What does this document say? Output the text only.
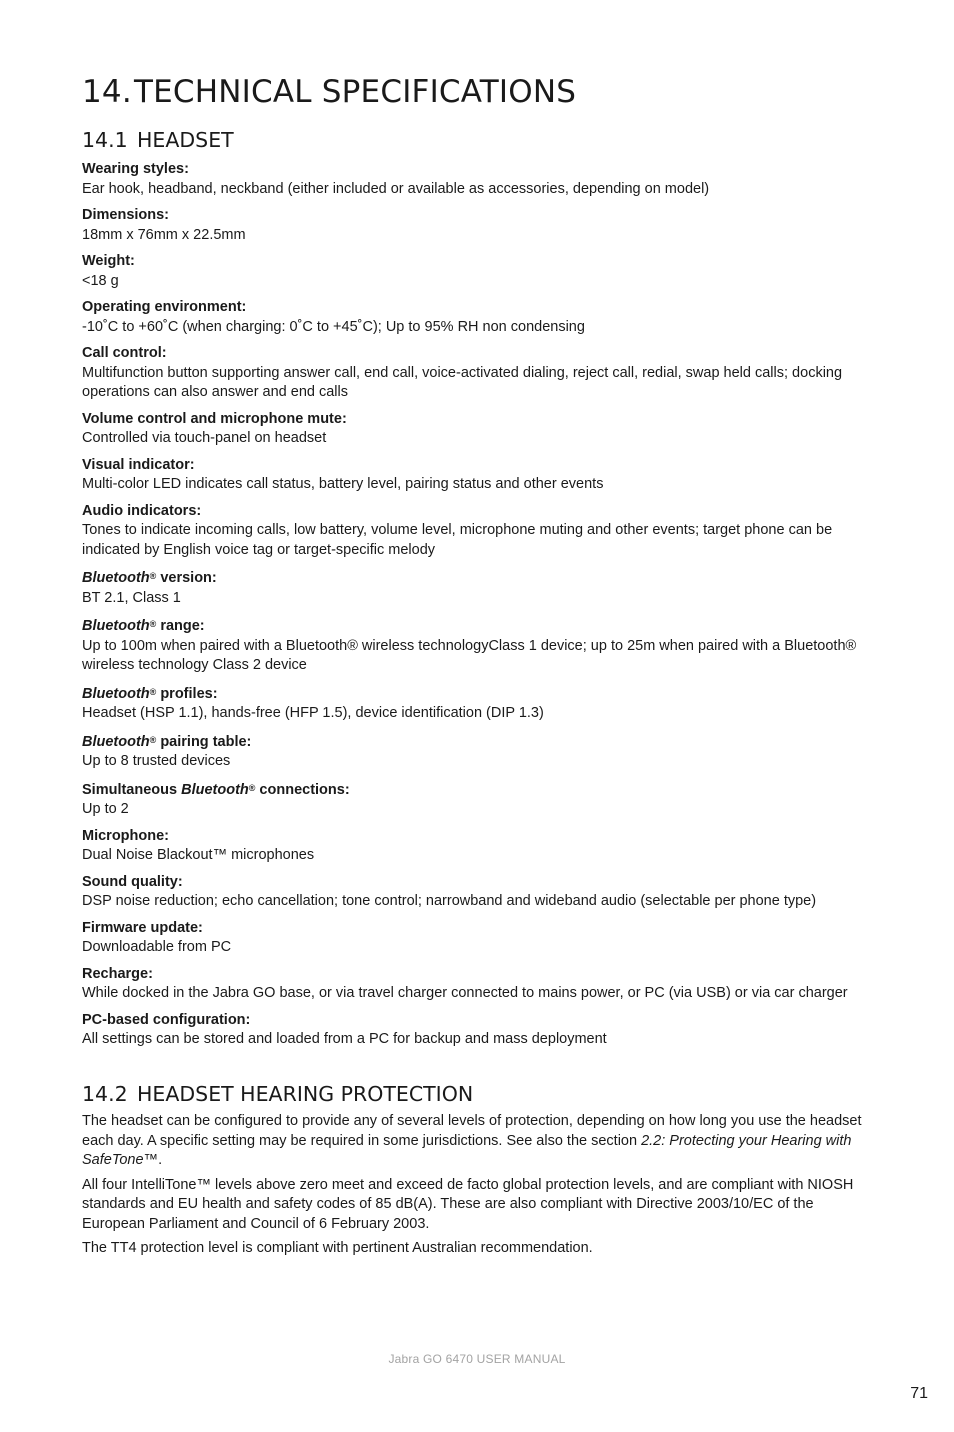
14.TECHNICAL SPECIFICATIONS
14.1 HEADSET
Wearing styles:
Ear hook, headband, neckband (either included or available as accessories, depending on model)
Dimensions:
18mm x 76mm x 22.5mm
Weight:
<18 g
Operating environment:
-10˚C to +60˚C (when charging: 0˚C to +45˚C); Up to 95% RH non condensing
Call control:
Multifunction button supporting answer call, end call, voice-activated dialing, reject call, redial, swap held calls; docking operations can also answer and end calls
Volume control and microphone mute:
Controlled via touch-panel on headset
Visual indicator:
Multi-color LED indicates call status, battery level, pairing status and other events
Audio indicators:
Tones to indicate incoming calls, low battery, volume level, microphone muting and other events; target phone can be indicated by English voice tag or target-specific melody
Bluetooth® version:
BT 2.1, Class 1
Bluetooth® range:
Up to 100m when paired with a Bluetooth® wireless technologyClass 1 device; up to 25m when paired with a Bluetooth® wireless technology Class 2 device
Bluetooth® profiles:
Headset (HSP 1.1), hands-free (HFP 1.5), device identification (DIP 1.3)
Bluetooth® pairing table:
Up to 8 trusted devices
Simultaneous Bluetooth® connections:
Up to 2
Microphone:
Dual Noise Blackout™ microphones
Sound quality:
DSP noise reduction; echo cancellation; tone control; narrowband and wideband audio (selectable per phone type)
Firmware update:
Downloadable from PC
Recharge:
While docked in the Jabra GO base, or via travel charger connected to mains power, or PC (via USB) or via car charger
PC-based configuration:
All settings can be stored and loaded from a PC for backup and mass deployment
14.2 HEADSET HEARING PROTECTION

The headset can be configured to provide any of several levels of protection, depending on how long you use the headset each day. A specific setting may be required in some jurisdictions. See also the section 2.2: Protecting your Hearing with SafeTone™.

All four IntelliTone™ levels above zero meet and exceed de facto global protection levels, and are compliant with NIOSH standards and EU health and safety codes of 85 dB(A). These are also compliant with Directive 2003/10/EC of the European Parliament and Council of 6 February 2003.

The TT4 protection level is compliant with pertinent Australian recommendation.

Jabra GO 6470 USER MANUAL
71
